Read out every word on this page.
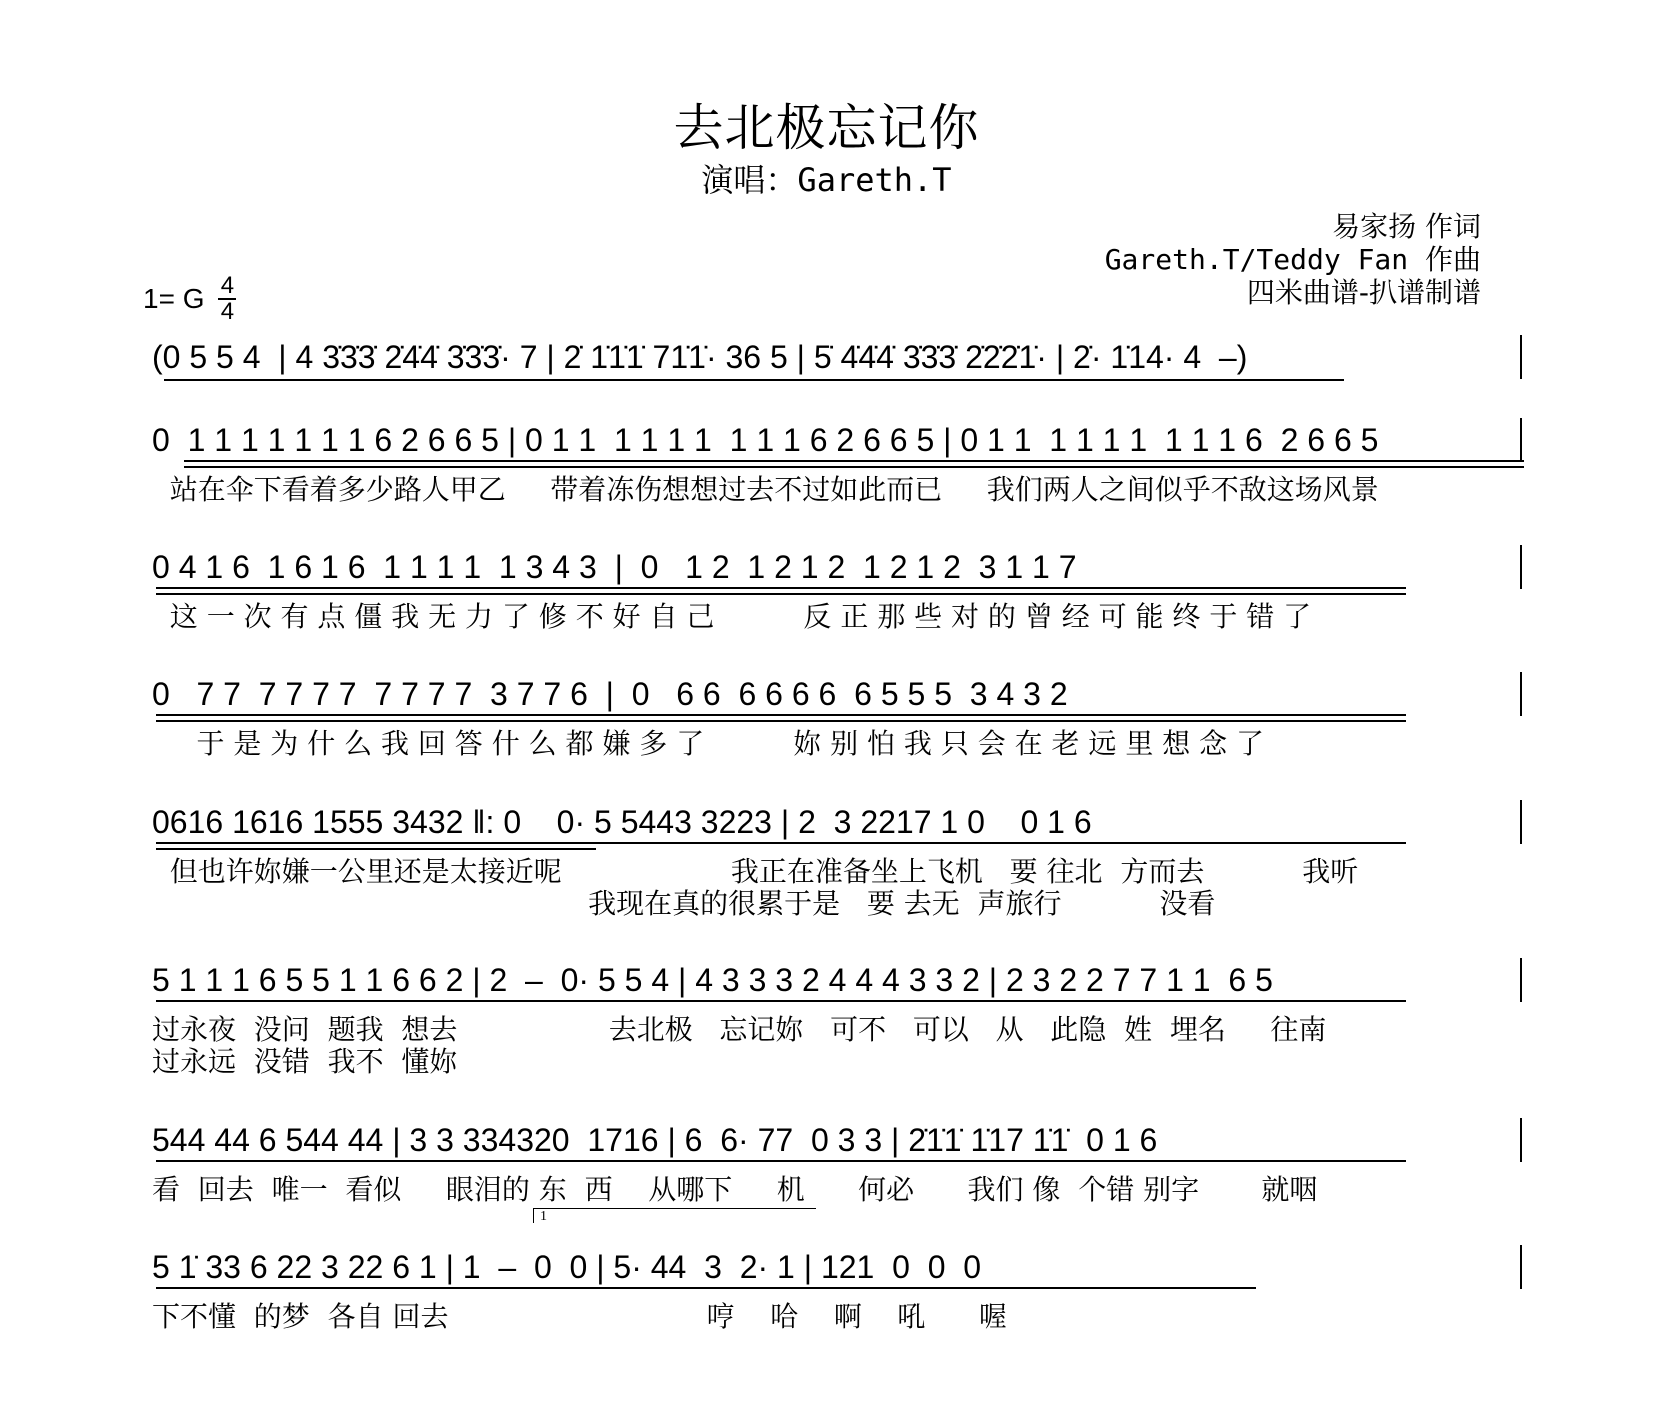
去北极忘记你
演唱：Gareth.T
易家扬 作词
Gareth.T/Teddy Fan 作曲
四米曲谱-扒谱制谱
1= G $\frac{4}{4}$
(0 5 5 4  | 4 3̇3̇3̇ 2̇4̇4̇ 3̇3̇3̇· 7 | 2̇ 1̇1̇1̇ 71̇1̇· 36 5 | 5̇ 4̇4̇4̇ 3̇3̇3̇ 2̇2̇2̇1̇· | 2̇· 1̇14· 4  –)
0  1 1 1 1 1 1 1 6 2 6 6 5 | 0 1 1  1 1 1 1  1 1 1 6 2 6 6 5 | 0 1 1  1 1 1 1  1 1 1 6  2 6 6 5
站在伞下看着多少路人甲乙     带着冻伤想想过去不过如此而已     我们两人之间似乎不敌这场风景
0 4 1 6  1 6 1 6  1 1 1 1  1 3 4 3  |  0   1 2  1 2 1 2  1 2 1 2  3 1 1 7
这 一 次 有 点 僵 我 无 力 了 修 不 好 自 己          反 正 那 些 对 的 曾 经 可 能 终 于 错 了
0   7 7  7 7 7 7  7 7 7 7  3 7 7 6  |  0   6 6  6 6 6 6  6 5 5 5  3 4 3 2
于 是 为 什 么 我 回 答 什 么 都 嫌 多 了          妳 别 怕 我 只 会 在 老 远 里 想 念 了
0616 1616 1555 3432 ‖: 0    0· 5 5443 3223 | 2  3 2217 1 0    0 1 6
但也许妳嫌一公里还是太接近呢                   我正在准备坐上飞机   要 往北  方而去           我听
我现在真的很累于是   要 去无  声旅行           没看
5 1 1 1 6 5 5 1 1 6 6 2 | 2  –  0· 5 5 4 | 4 3 3 3 2 4 4 4 3 3 2 | 2 3 2 2 7 7 1 1  6 5
过永夜  没问  题我  想去                 去北极   忘记妳   可不   可以   从   此隐  姓  埋名     往南
过永远  没错  我不  懂妳
544 44 6 544 44 | 3 3 334320  1716 | 6  6· 77  0 3 3 | 2̇1̇1̇ 1̇17 1̇1̇  0 1 6
看  回去  唯一  看似     眼泪的 东  西    从哪下     机      何必      我们 像  个错 别字       就咽
1
5 1̇ 33 6 22 3 22 6 1 | 1  –  0  0 | 5· 44  3  2· 1 | 121  0  0  0
下不懂  的梦  各自 回去                             哼    哈    啊    吼      喔
